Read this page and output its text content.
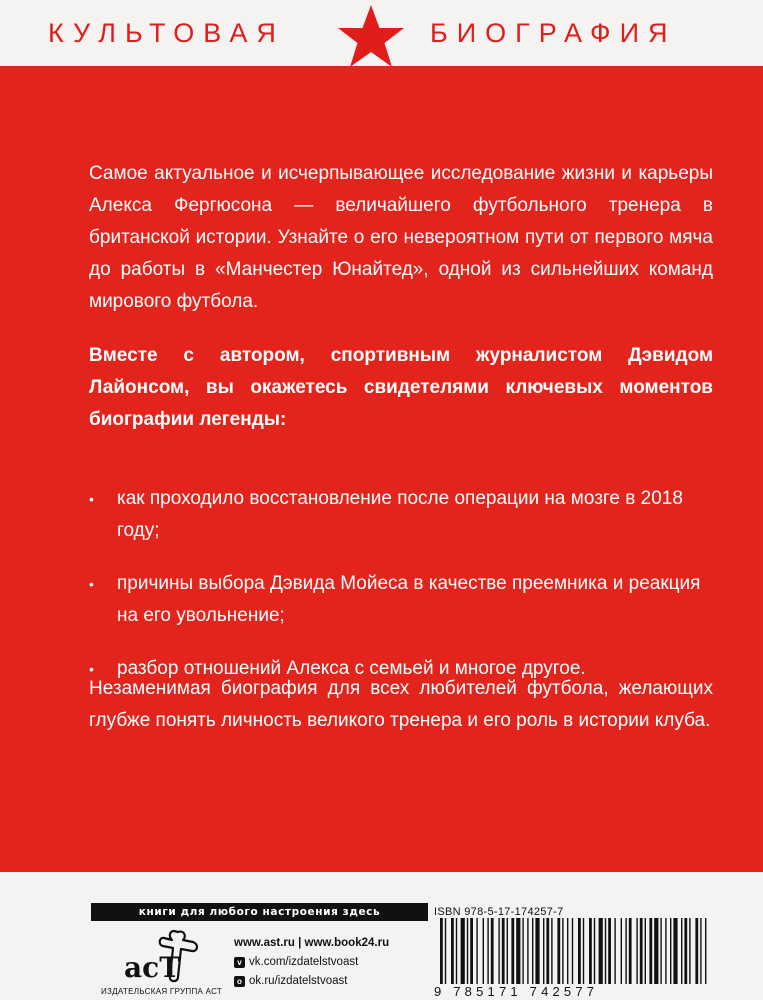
КУЛЬТОВАЯ	БИОГРАФИЯ
Самое актуальное и исчерпывающее исследование жизни и карьеры Алекса Фергюсона — величайшего футбольного тренера в британской истории. Узнайте о его невероятном пути от первого мяча до работы в «Манчестер Юнайтед», одной из сильнейших команд мирового футбола.
Вместе с автором, спортивным журналистом Дэвидом Лайонсом, вы окажетесь свидетелями ключевых моментов биографии легенды:
• как проходило восстановление после операции на мозге в 2018 году;
• причины выбора Дэвида Мойеса в качестве преемника и реакция на его увольнение;
• разбор отношений Алекса с семьей и многое другое.
Незаменимая биография для всех любителей футбола, желающих глубже понять личность великого тренера и его роль в истории клуба.
книги для любого настроения здесь
acT
ИЗДАТЕЛЬСКАЯ ГРУППА АСТ
www.ast.ru | www.book24.ru
v vk.com/izdatelstvoast
o ok.ru/izdatelstvoast
ISBN 978-5-17-174257-7
9 785171 742577
